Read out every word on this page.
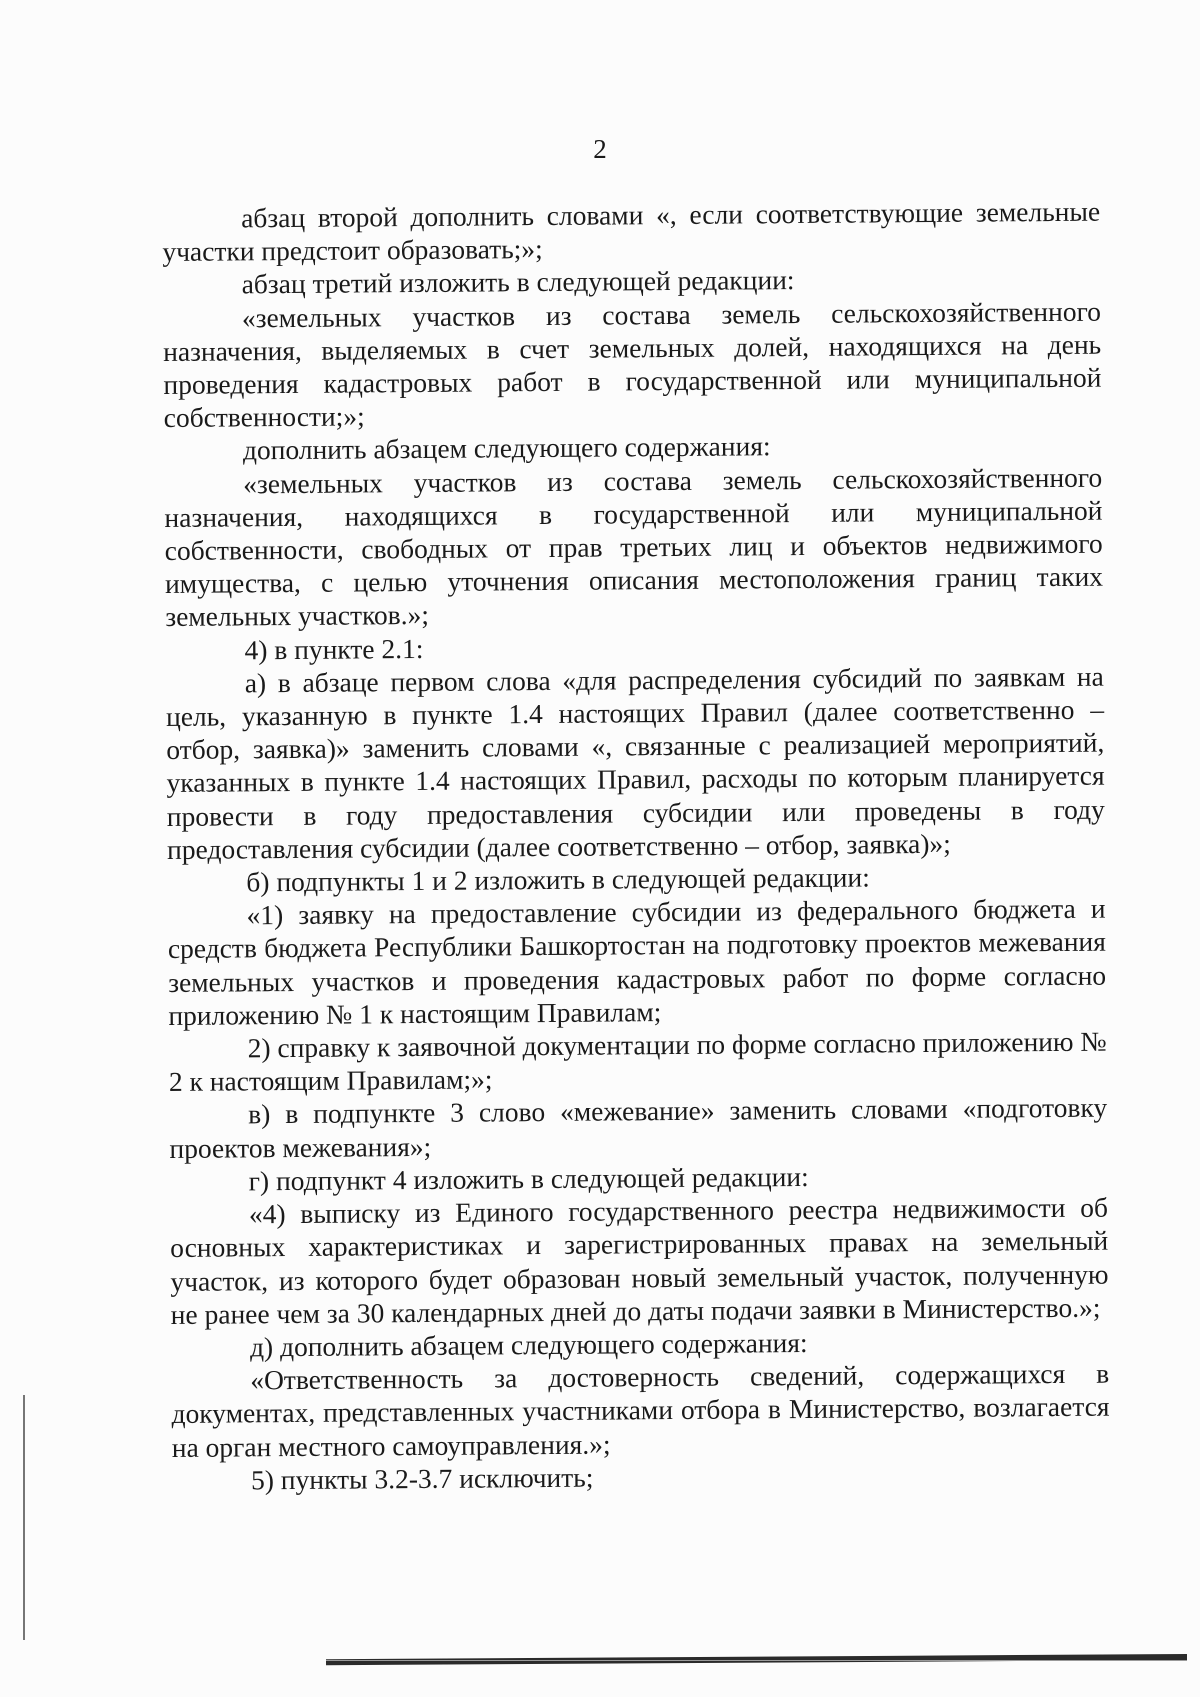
2

абзац второй дополнить словами «, если соответствующие земельные участки предстоит образовать;»;

абзац третий изложить в следующей редакции:

«земельных участков из состава земель сельскохозяйственного назначения, выделяемых в счет земельных долей, находящихся на день проведения кадастровых работ в государственной или муниципальной собственности;»;

дополнить абзацем следующего содержания:

«земельных участков из состава земель сельскохозяйственного назначения, находящихся в государственной или муниципальной собственности, свободных от прав третьих лиц и объектов недвижимого имущества, с целью уточнения описания местоположения границ таких земельных участков.»;

4) в пункте 2.1:

а) в абзаце первом слова «для распределения субсидий по заявкам на цель, указанную в пункте 1.4 настоящих Правил (далее соответственно – отбор, заявка)» заменить словами «, связанные с реализацией мероприятий, указанных в пункте 1.4 настоящих Правил, расходы по которым планируется провести в году предоставления субсидии или проведены в году предоставления субсидии (далее соответственно – отбор, заявка)»;

б) подпункты 1 и 2 изложить в следующей редакции:

«1) заявку на предоставление субсидии из федерального бюджета и средств бюджета Республики Башкортостан на подготовку проектов межевания земельных участков и проведения кадастровых работ по форме согласно приложению № 1 к настоящим Правилам;

2) справку к заявочной документации по форме согласно приложению № 2 к настоящим Правилам;»;

в) в подпункте 3 слово «межевание» заменить словами «подготовку проектов межевания»;

г) подпункт 4 изложить в следующей редакции:

«4) выписку из Единого государственного реестра недвижимости об основных характеристиках и зарегистрированных правах на земельный участок, из которого будет образован новый земельный участок, полученную не ранее чем за 30 календарных дней до даты подачи заявки в Министерство.»;

д) дополнить абзацем следующего содержания:

«Ответственность за достоверность сведений, содержащихся в документах, представленных участниками отбора в Министерство, возлагается на орган местного самоуправления.»;

5) пункты 3.2-3.7 исключить;
